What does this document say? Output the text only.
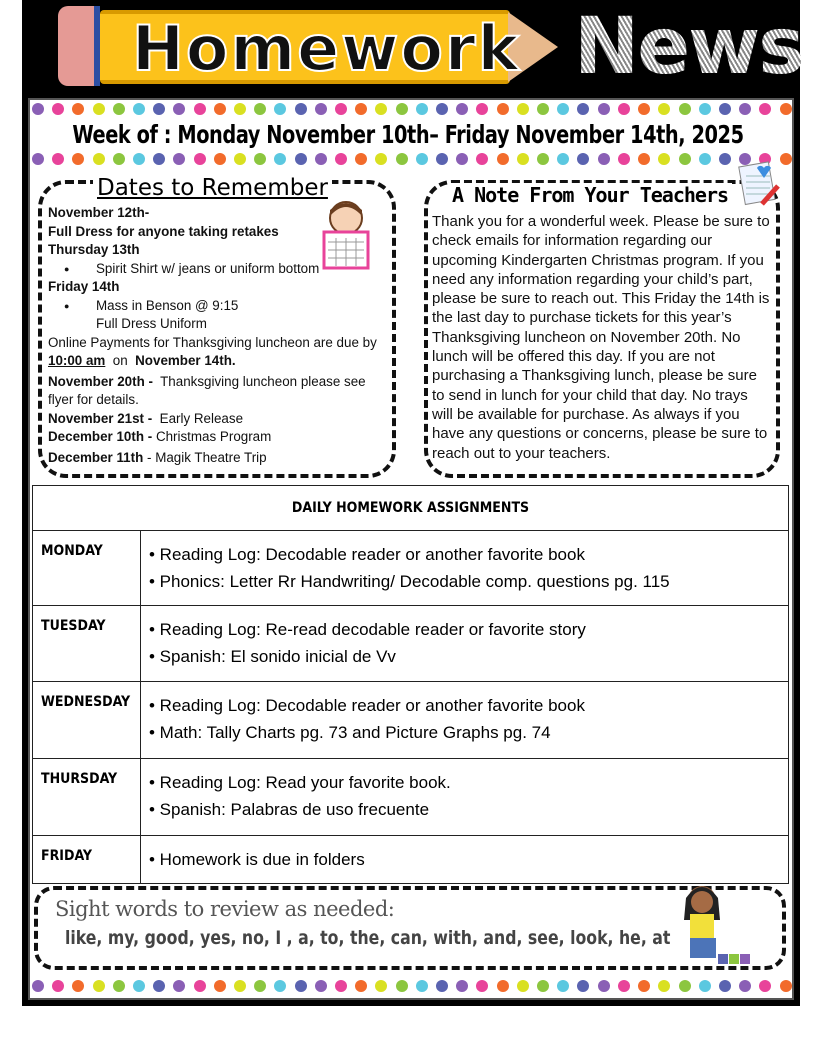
Homework News
Week of : Monday November 10th– Friday November 14th, 2025
Dates to Remember
November 12th-
Full Dress for anyone taking retakes
Thursday 13th
● Spirit Shirt w/ jeans or uniform bottom
Friday 14th
● Mass in Benson @ 9:15
Full Dress Uniform
Online Payments for Thanksgiving luncheon are due by 10:00 am on November 14th.
November 20th - Thanksgiving luncheon please see flyer for details.
November 21st - Early Release
December 10th - Christmas Program
December 11th - Magik Theatre Trip
A Note From Your Teachers
Thank you for a wonderful week. Please be sure to check emails for information regarding our upcoming Kindergarten Christmas program. If you need any information regarding your child’s part, please be sure to reach out. This Friday the 14th is the last day to purchase tickets for this year’s Thanksgiving luncheon on November 20th. No lunch will be offered this day. If you are not purchasing a Thanksgiving lunch, please be sure to send in lunch for your child that day. No trays will be available for purchase. As always if you have any questions or concerns, please be sure to reach out to your teachers.
DAILY HOMEWORK ASSIGNMENTS	
MONDAY	• Reading Log: Decodable reader or another favorite book
• Phonics: Letter Rr Handwriting/ Decodable comp. questions pg. 115

TUESDAY	• Reading Log: Re-read decodable reader or favorite story
• Spanish: El sonido inicial de Vv

WEDNESDAY	• Reading Log: Decodable reader or another favorite book
• Math: Tally Charts pg. 73 and Picture Graphs pg. 74

THURSDAY	• Reading Log: Read your favorite book.
• Spanish: Palabras de uso frecuente

FRIDAY	• Homework is due in folders
Sight words to review as needed:
like, my, good, yes, no, I , a, to, the, can, with, and, see, look, he, at
